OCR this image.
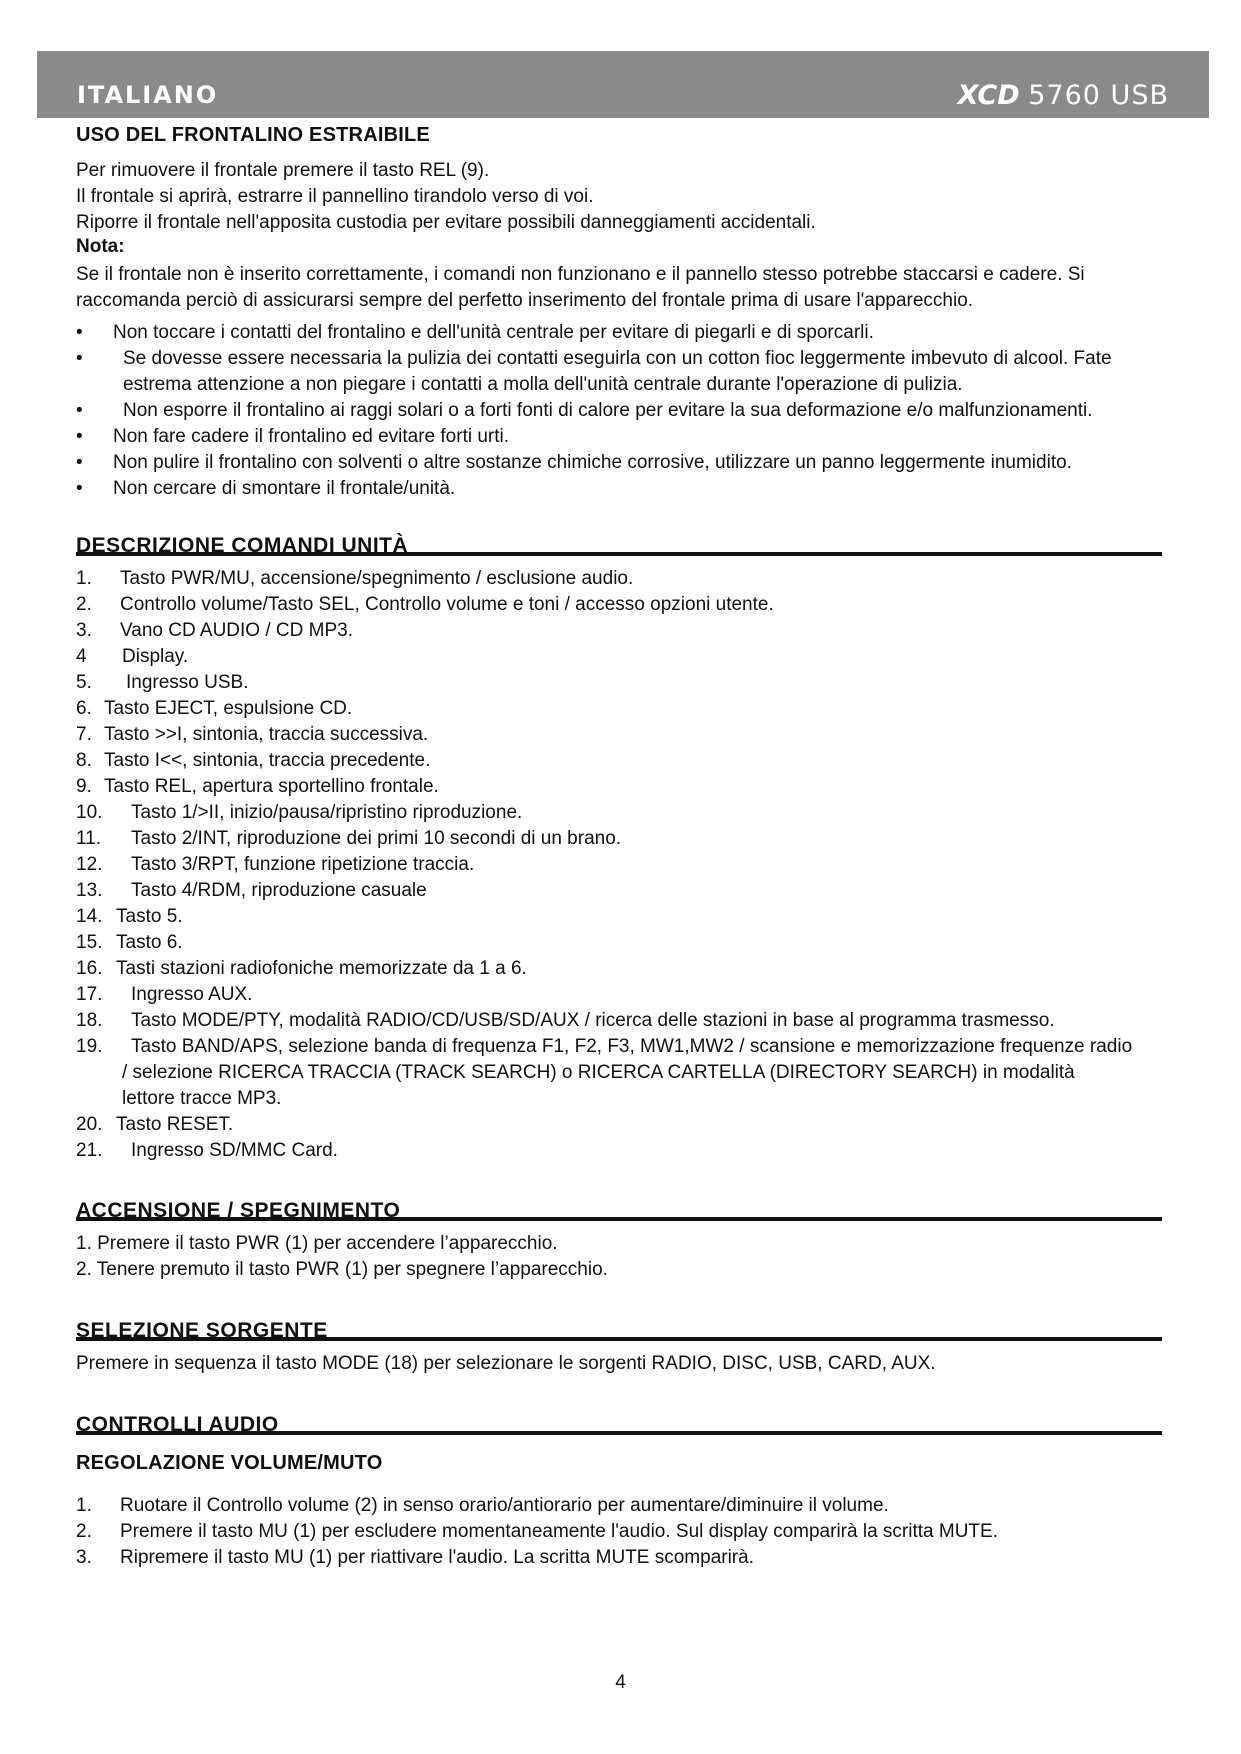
ITALIANO	XCD 5760 USB
USO DEL FRONTALINO ESTRAIBILE
Per rimuovere il frontale premere il tasto REL (9).
Il frontale si aprirà, estrarre il pannellino tirandolo verso di voi.
Riporre il frontale nell'apposita custodia per evitare possibili danneggiamenti accidentali.
Nota:
Se il frontale non è inserito correttamente, i comandi non funzionano e il pannello stesso potrebbe staccarsi e cadere. Si
raccomanda perciò di assicurarsi sempre del perfetto inserimento del frontale prima di usare l'apparecchio.
• Non toccare i contatti del frontalino e dell'unità centrale per evitare di piegarli e di sporcarli.
• Se dovesse essere necessaria la pulizia dei contatti eseguirla con un cotton fioc leggermente imbevuto di alcool. Fate
estrema attenzione a non piegare i contatti a molla dell'unità centrale durante l'operazione di pulizia.
• Non esporre il frontalino ai raggi solari o a forti fonti di calore per evitare la sua deformazione e/o malfunzionamenti.
• Non fare cadere il frontalino ed evitare forti urti.
• Non pulire il frontalino con solventi o altre sostanze chimiche corrosive, utilizzare un panno leggermente inumidito.
• Non cercare di smontare il frontale/unità.
DESCRIZIONE COMANDI UNITÀ
1. Tasto PWR/MU, accensione/spegnimento / esclusione audio.
2. Controllo volume/Tasto SEL, Controllo volume e toni / accesso opzioni utente.
3. Vano CD AUDIO / CD MP3.
4 Display.
5. Ingresso USB.
6. Tasto EJECT, espulsione CD.
7. Tasto >>I, sintonia, traccia successiva.
8. Tasto I<<, sintonia, traccia precedente.
9. Tasto REL, apertura sportellino frontale.
10. Tasto 1/>II, inizio/pausa/ripristino riproduzione.
11. Tasto 2/INT, riproduzione dei primi 10 secondi di un brano.
12. Tasto 3/RPT, funzione ripetizione traccia.
13. Tasto 4/RDM, riproduzione casuale
14. Tasto 5.
15. Tasto 6.
16. Tasti stazioni radiofoniche memorizzate da 1 a 6.
17. Ingresso AUX.
18. Tasto MODE/PTY, modalità RADIO/CD/USB/SD/AUX / ricerca delle stazioni in base al programma trasmesso.
19. Tasto BAND/APS, selezione banda di frequenza F1, F2, F3, MW1,MW2 / scansione e memorizzazione frequenze radio
/ selezione RICERCA TRACCIA (TRACK SEARCH) o RICERCA CARTELLA (DIRECTORY SEARCH) in modalità
lettore tracce MP3.
20. Tasto RESET.
21. Ingresso SD/MMC Card.
ACCENSIONE / SPEGNIMENTO
1. Premere il tasto PWR (1) per accendere l’apparecchio.
2. Tenere premuto il tasto PWR (1) per spegnere l’apparecchio.
SELEZIONE SORGENTE
Premere in sequenza il tasto MODE (18) per selezionare le sorgenti RADIO, DISC, USB, CARD, AUX.
CONTROLLI AUDIO
REGOLAZIONE VOLUME/MUTO
1. Ruotare il Controllo volume (2) in senso orario/antiorario per aumentare/diminuire il volume.
2. Premere il tasto MU (1) per escludere momentaneamente l'audio. Sul display comparirà la scritta MUTE.
3. Ripremere il tasto MU (1) per riattivare l'audio. La scritta MUTE scomparirà.
4
